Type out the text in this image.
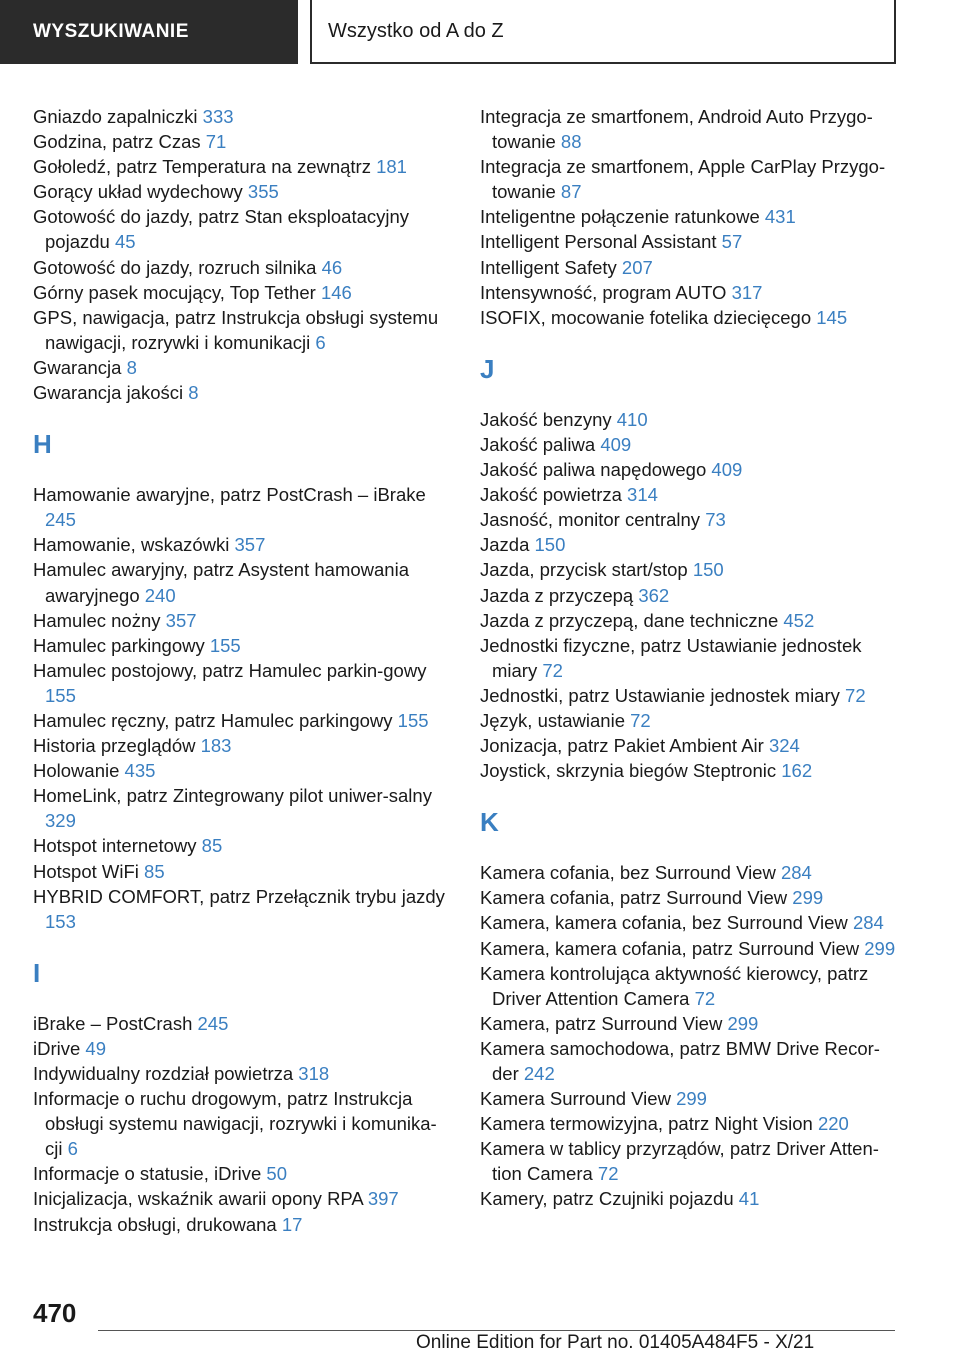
WYSZUKIWANIE	Wszystko od A do Z
Gniazdo zapalniczki 333
Godzina, patrz Czas 71
Gołoledź, patrz Temperatura na zewnątrz 181
Gorący układ wydechowy 355
Gotowość do jazdy, patrz Stan eksploatacyjny pojazdu 45
Gotowość do jazdy, rozruch silnika 46
Górny pasek mocujący, Top Tether 146
GPS, nawigacja, patrz Instrukcja obsługi systemu nawigacji, rozrywki i komunikacji 6
Gwarancja 8
Gwarancja jakości 8
H
Hamowanie awaryjne, patrz PostCrash – iBrake 245
Hamowanie, wskazówki 357
Hamulec awaryjny, patrz Asystent hamowania awaryjnego 240
Hamulec nożny 357
Hamulec parkingowy 155
Hamulec postojowy, patrz Hamulec parkin‐gowy 155
Hamulec ręczny, patrz Hamulec parkingowy 155
Historia przeglądów 183
Holowanie 435
HomeLink, patrz Zintegrowany pilot uniwer‐salny 329
Hotspot internetowy 85
Hotspot WiFi 85
HYBRID COMFORT, patrz Przełącznik trybu jazdy 153
I
iBrake – PostCrash 245
iDrive 49
Indywidualny rozdział powietrza 318
Informacje o ruchu drogowym, patrz Instrukcja obsługi systemu nawigacji, rozrywki i komunika‐cji 6
Informacje o statusie, iDrive 50
Inicjalizacja, wskaźnik awarii opony RPA 397
Instrukcja obsługi, drukowana 17
Integracja ze smartfonem, Android Auto Przygo‐towanie 88
Integracja ze smartfonem, Apple CarPlay Przygo‐towanie 87
Inteligentne połączenie ratunkowe 431
Intelligent Personal Assistant 57
Intelligent Safety 207
Intensywność, program AUTO 317
ISOFIX, mocowanie fotelika dziecięcego 145
J
Jakość benzyny 410
Jakość paliwa 409
Jakość paliwa napędowego 409
Jakość powietrza 314
Jasność, monitor centralny 73
Jazda 150
Jazda, przycisk start/stop 150
Jazda z przyczepą 362
Jazda z przyczepą, dane techniczne 452
Jednostki fizyczne, patrz Ustawianie jednostek miary 72
Jednostki, patrz Ustawianie jednostek miary 72
Język, ustawianie 72
Jonizacja, patrz Pakiet Ambient Air 324
Joystick, skrzynia biegów Steptronic 162
K
Kamera cofania, bez Surround View 284
Kamera cofania, patrz Surround View 299
Kamera, kamera cofania, bez Surround View 284
Kamera, kamera cofania, patrz Surround View 299
Kamera kontrolująca aktywność kierowcy, patrz Driver Attention Camera 72
Kamera, patrz Surround View 299
Kamera samochodowa, patrz BMW Drive Recor‐der 242
Kamera Surround View 299
Kamera termowizyjna, patrz Night Vision 220
Kamera w tablicy przyrządów, patrz Driver Atten‐tion Camera 72
Kamery, patrz Czujniki pojazdu 41
470
Online Edition for Part no. 01405A484F5 - X/21
